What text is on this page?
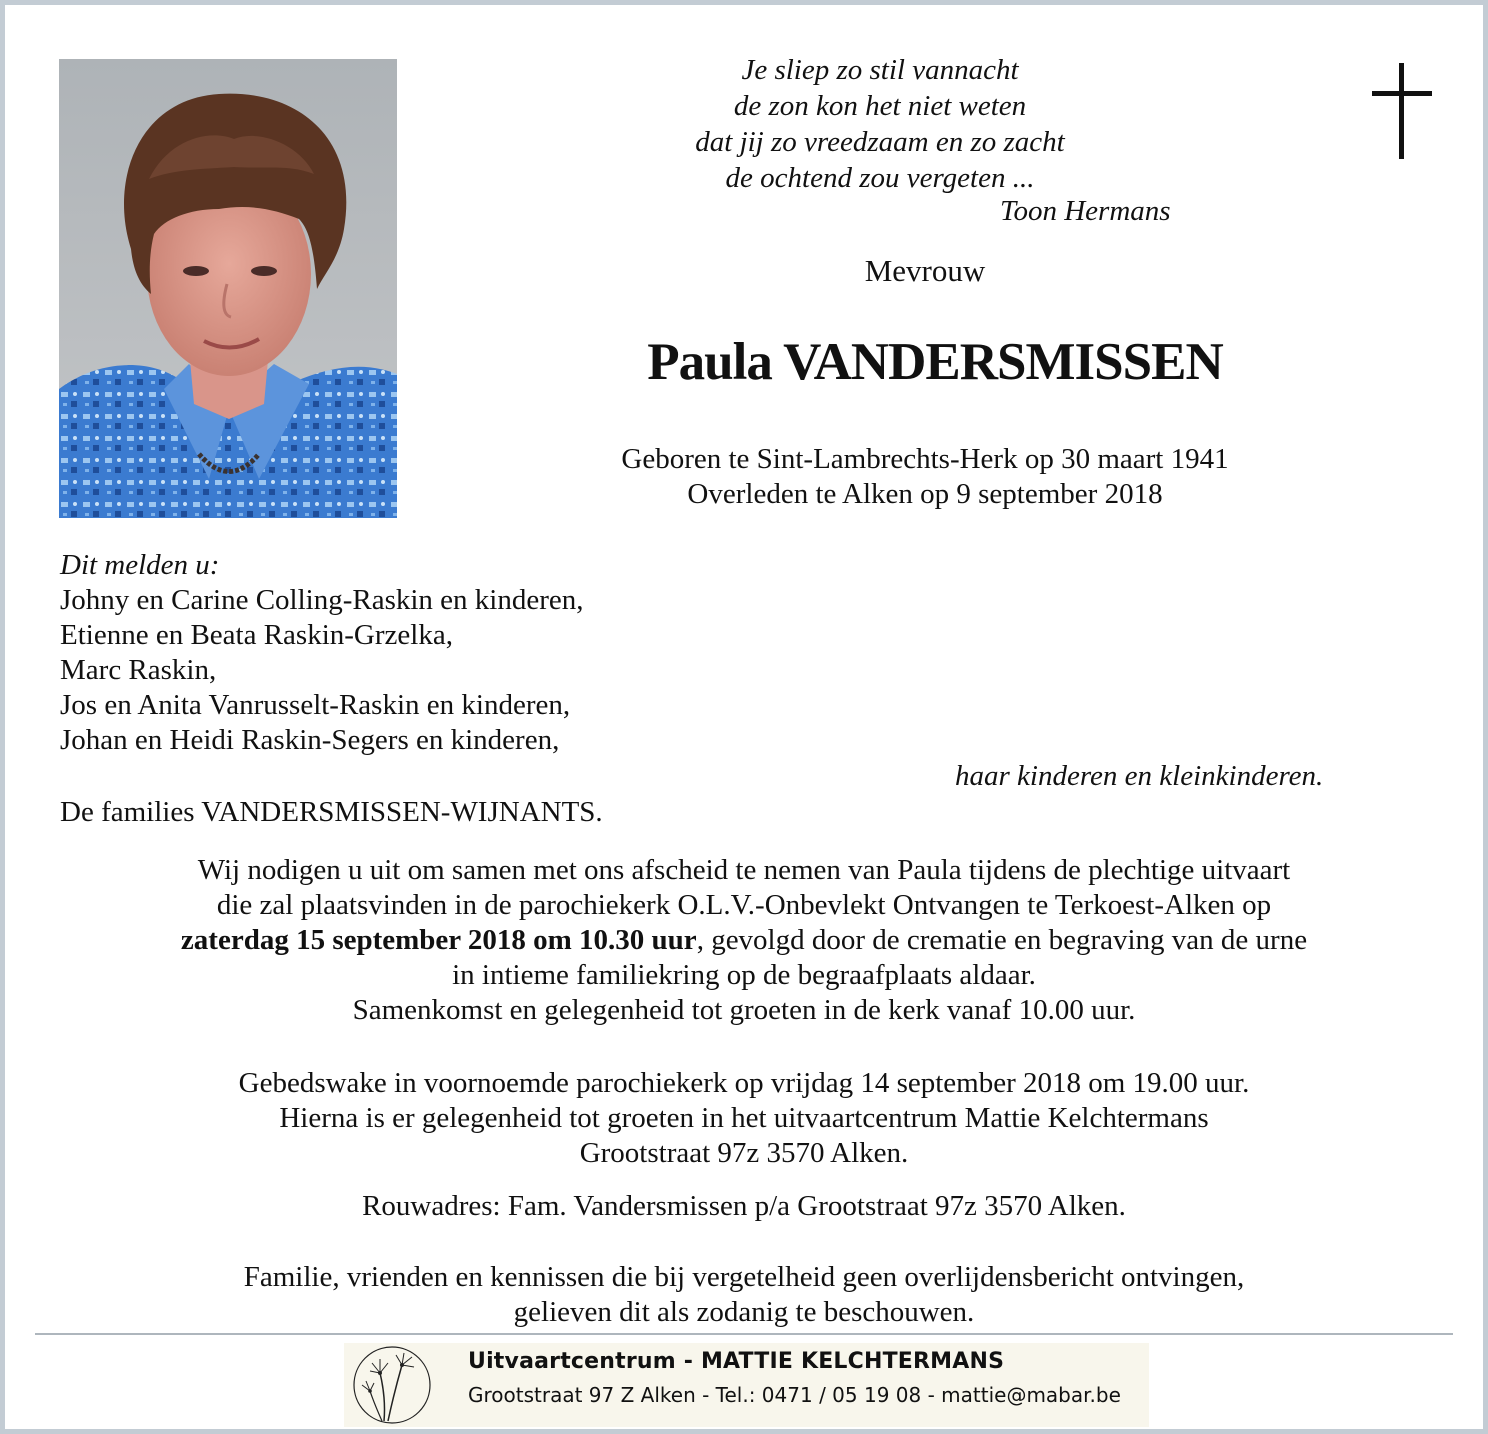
Je sliep zo stil vannacht
de zon kon het niet weten
dat jij zo vreedzaam en zo zacht
de ochtend zou vergeten ...
Toon Hermans
Mevrouw
Paula VANDERSMISSEN
Geboren te Sint-Lambrechts-Herk op 30 maart 1941
Overleden te Alken op 9 september 2018
Dit melden u:
Johny en Carine Colling-Raskin en kinderen,
Etienne en Beata Raskin-Grzelka,
Marc Raskin,
Jos en Anita Vanrusselt-Raskin en kinderen,
Johan en Heidi Raskin-Segers en kinderen,
haar kinderen en kleinkinderen.
De families VANDERSMISSEN-WIJNANTS.
Wij nodigen u uit om samen met ons afscheid te nemen van Paula tijdens de plechtige uitvaart
die zal plaatsvinden in de parochiekerk O.L.V.-Onbevlekt Ontvangen te Terkoest-Alken op
zaterdag 15 september 2018 om 10.30 uur, gevolgd door de crematie en begraving van de urne
in intieme familiekring op de begraafplaats aldaar.
Samenkomst en gelegenheid tot groeten in de kerk vanaf 10.00 uur.
Gebedswake in voornoemde parochiekerk op vrijdag 14 september 2018 om 19.00 uur.
Hierna is er gelegenheid tot groeten in het uitvaartcentrum Mattie Kelchtermans
Grootstraat 97z 3570 Alken.
Rouwadres: Fam. Vandersmissen p/a Grootstraat 97z 3570 Alken.
Familie, vrienden en kennissen die bij vergetelheid geen overlijdensbericht ontvingen,
gelieven dit als zodanig te beschouwen.
Uitvaartcentrum - MATTIE KELCHTERMANS
Grootstraat 97 Z Alken - Tel.: 0471 / 05 19 08 - mattie@mabar.be
